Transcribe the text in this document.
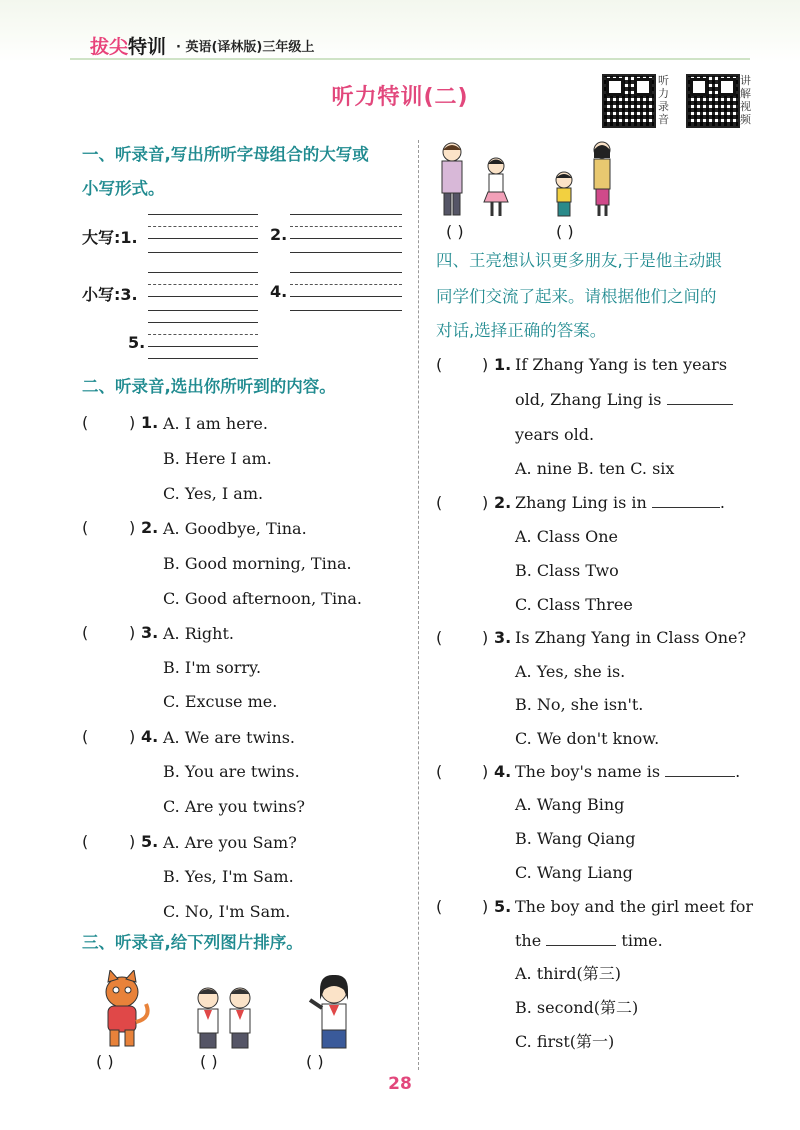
拔尖特训 · 英语(译林版)三年级上
听力特训(二)
听力录音
讲解视频
一、听录音,写出所听字母组合的大写或
小写形式。
大写:1.	2.
小写:3.	4.
5.
二、听录音,选出你所听到的内容。
(	) 1. A. I am here.
B. Here I am.
C. Yes, I am.
(	) 2. A. Goodbye, Tina.
B. Good morning, Tina.
C. Good afternoon, Tina.
(	) 3. A. Right.
B. I'm sorry.
C. Excuse me.
(	) 4. A. We are twins.
B. You are twins.
C. Are you twins?
(	) 5. A. Are you Sam?
B. Yes, I'm Sam.
C. No, I'm Sam.
三、听录音,给下列图片排序。
( )	( )	( )
( )	( )
四、王亮想认识更多朋友,于是他主动跟
同学们交流了起来。请根据他们之间的
对话,选择正确的答案。
( ) 1. If Zhang Yang is ten years
old, Zhang Ling is
years old.
A. nine B. ten C. six
( ) 2. Zhang Ling is in	.
A. Class One
B. Class Two
C. Class Three
( ) 3. Is Zhang Yang in Class One?
A. Yes, she is.
B. No, she isn't.
C. We don't know.
( ) 4. The boy's name is	.
A. Wang Bing
B. Wang Qiang
C. Wang Liang
( ) 5. The boy and the girl meet for
the	time.
A. third(第三)
B. second(第二)
C. first(第一)
28
